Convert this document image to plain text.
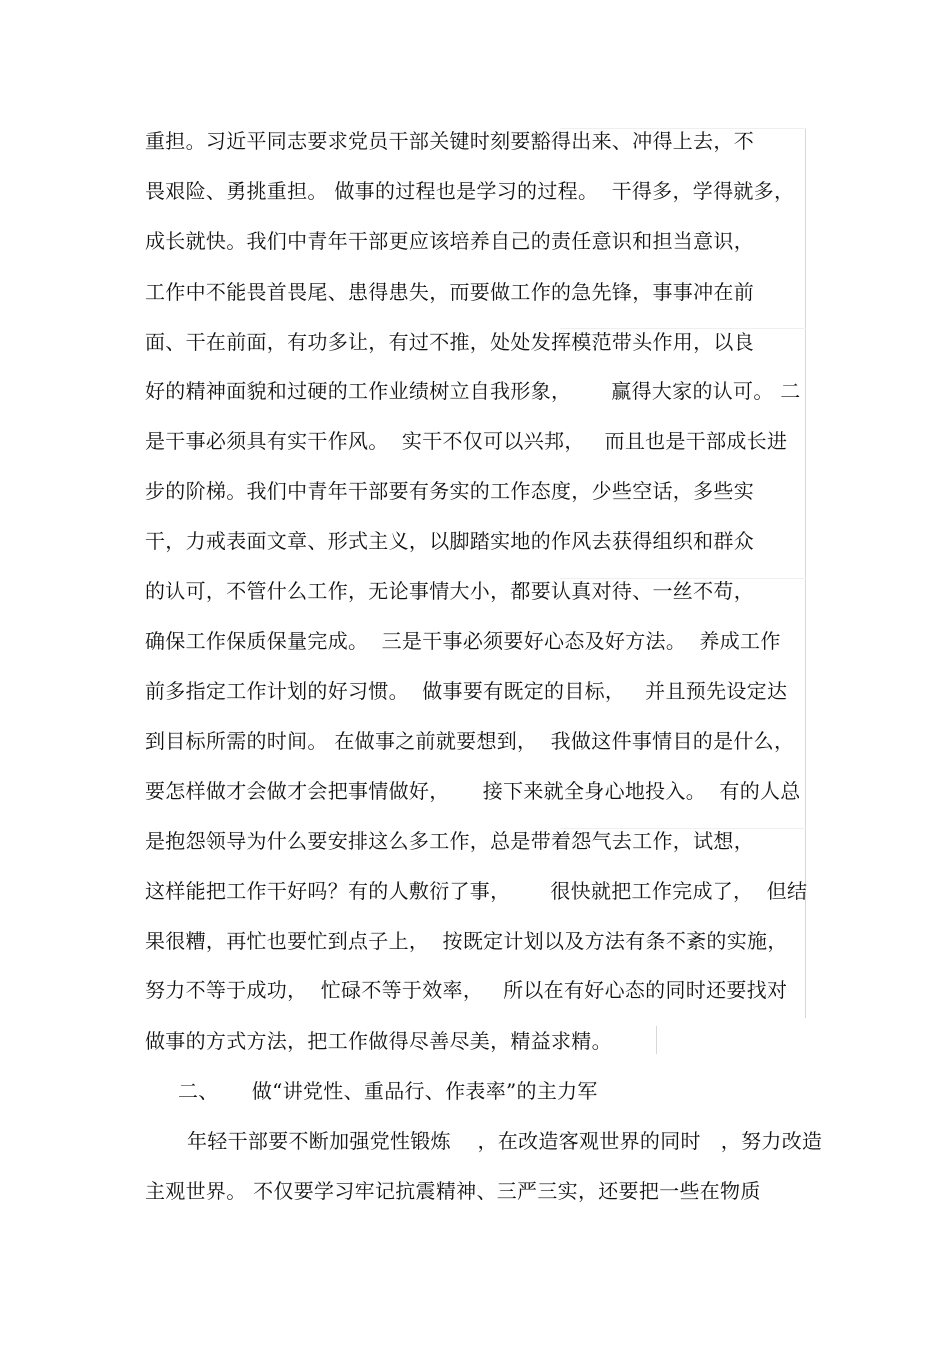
重担。习近平同志要求党员干部关键时刻要豁得出来、冲得上去，不
畏艰险、勇挑重担。 做事的过程也是学习的过程。  干得多，学得就多，
成长就快。我们中青年干部更应该培养自己的责任意识和担当意识，
工作中不能畏首畏尾、患得患失，而要做工作的急先锋，事事冲在前
面、干在前面，有功多让，有过不推，处处发挥模范带头作用，以良
好的精神面貌和过硬的工作业绩树立自我形象，      赢得大家的认可。 二
是干事必须具有实干作风。  实干不仅可以兴邦，   而且也是干部成长进
步的阶梯。我们中青年干部要有务实的工作态度，少些空话，多些实
干，力戒表面文章、形式主义，以脚踏实地的作风去获得组织和群众
的认可，不管什么工作，无论事情大小，都要认真对待、一丝不苟，
确保工作保质保量完成。  三是干事必须要好心态及好方法。  养成工作
前多指定工作计划的好习惯。  做事要有既定的目标，   并且预先设定达
到目标所需的时间。 在做事之前就要想到，  我做这件事情目的是什么，
要怎样做才会做才会把事情做好，     接下来就全身心地投入。  有的人总
是抱怨领导为什么要安排这么多工作，总是带着怨气去工作，试想，
这样能把工作干好吗？有的人敷衍了事，      很快就把工作完成了，  但结
果很糟，再忙也要忙到点子上，  按既定计划以及方法有条不紊的实施，
努力不等于成功，  忙碌不等于效率，   所以在有好心态的同时还要找对
做事的方式方法，把工作做得尽善尽美，精益求精。
二、     做“讲党性、重品行、作表率”的主力军
年轻干部要不断加强党性锻炼    ，在改造客观世界的同时   ，努力改造
主观世界。 不仅要学习牢记抗震精神、三严三实，还要把一些在物质
